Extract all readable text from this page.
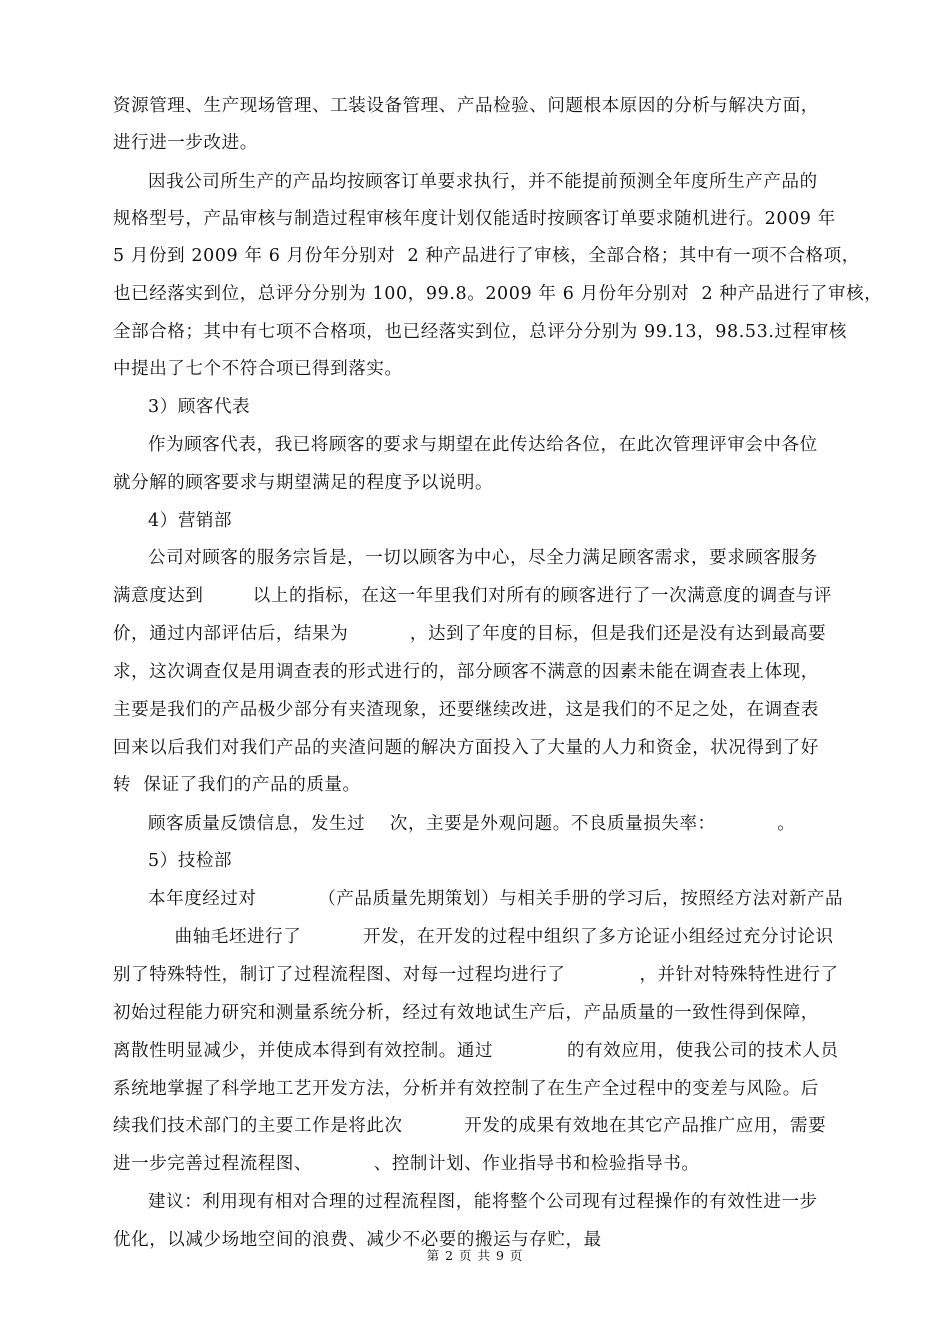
资源管理、生产现场管理、工装设备管理、产品检验、问题根本原因的分析与解决方面，
进行进一步改进。
因我公司所生产的产品均按顾客订单要求执行，并不能提前预测全年度所生产产品的
规格型号，产品审核与制造过程审核年度计划仅能适时按顾客订单要求随机进行。2009 年
5 月份到 2009 年 6 月份年分别对  2 种产品进行了审核，全部合格；其中有一项不合格项，
也已经落实到位，总评分分别为 100，99.8。2009 年 6 月份年分别对  2 种产品进行了审核，
全部合格；其中有七项不合格项，也已经落实到位，总评分分别为 99.13，98.53.过程审核
中提出了七个不符合项已得到落实。
3）顾客代表
作为顾客代表，我已将顾客的要求与期望在此传达给各位，在此次管理评审会中各位
就分解的顾客要求与期望满足的程度予以说明。
4）营销部
公司对顾客的服务宗旨是，一切以顾客为中心，尽全力满足顾客需求，要求顾客服务
满意度达到        以上的指标，在这一年里我们对所有的顾客进行了一次满意度的调查与评
价，通过内部评估后，结果为          ，达到了年度的目标，但是我们还是没有达到最高要
求，这次调查仅是用调查表的形式进行的，部分顾客不满意的因素未能在调查表上体现，
主要是我们的产品极少部分有夹渣现象，还要继续改进，这是我们的不足之处，在调查表
回来以后我们对我们产品的夹渣问题的解决方面投入了大量的人力和资金，状况得到了好
转  保证了我们的产品的质量。
顾客质量反馈信息，发生过    次，主要是外观问题。不良质量损失率：          。
5）技检部
本年度经过对          （产品质量先期策划）与相关手册的学习后，按照经方法对新产品
曲轴毛坯进行了          开发，在开发的过程中组织了多方论证小组经过充分讨论识
别了特殊特性，制订了过程流程图、对每一过程均进行了            ，并针对特殊特性进行了
初始过程能力研究和测量系统分析，经过有效地试生产后，产品质量的一致性得到保障，
离散性明显减少，并使成本得到有效控制。通过            的有效应用，使我公司的技术人员
系统地掌握了科学地工艺开发方法，分析并有效控制了在生产全过程中的变差与风险。后
续我们技术部门的主要工作是将此次          开发的成果有效地在其它产品推广应用，需要
进一步完善过程流程图、          、控制计划、作业指导书和检验指导书。
建议：利用现有相对合理的过程流程图，能将整个公司现有过程操作的有效性进一步
优化，以减少场地空间的浪费、减少不必要的搬运与存贮，最
第 2 页 共 9 页
